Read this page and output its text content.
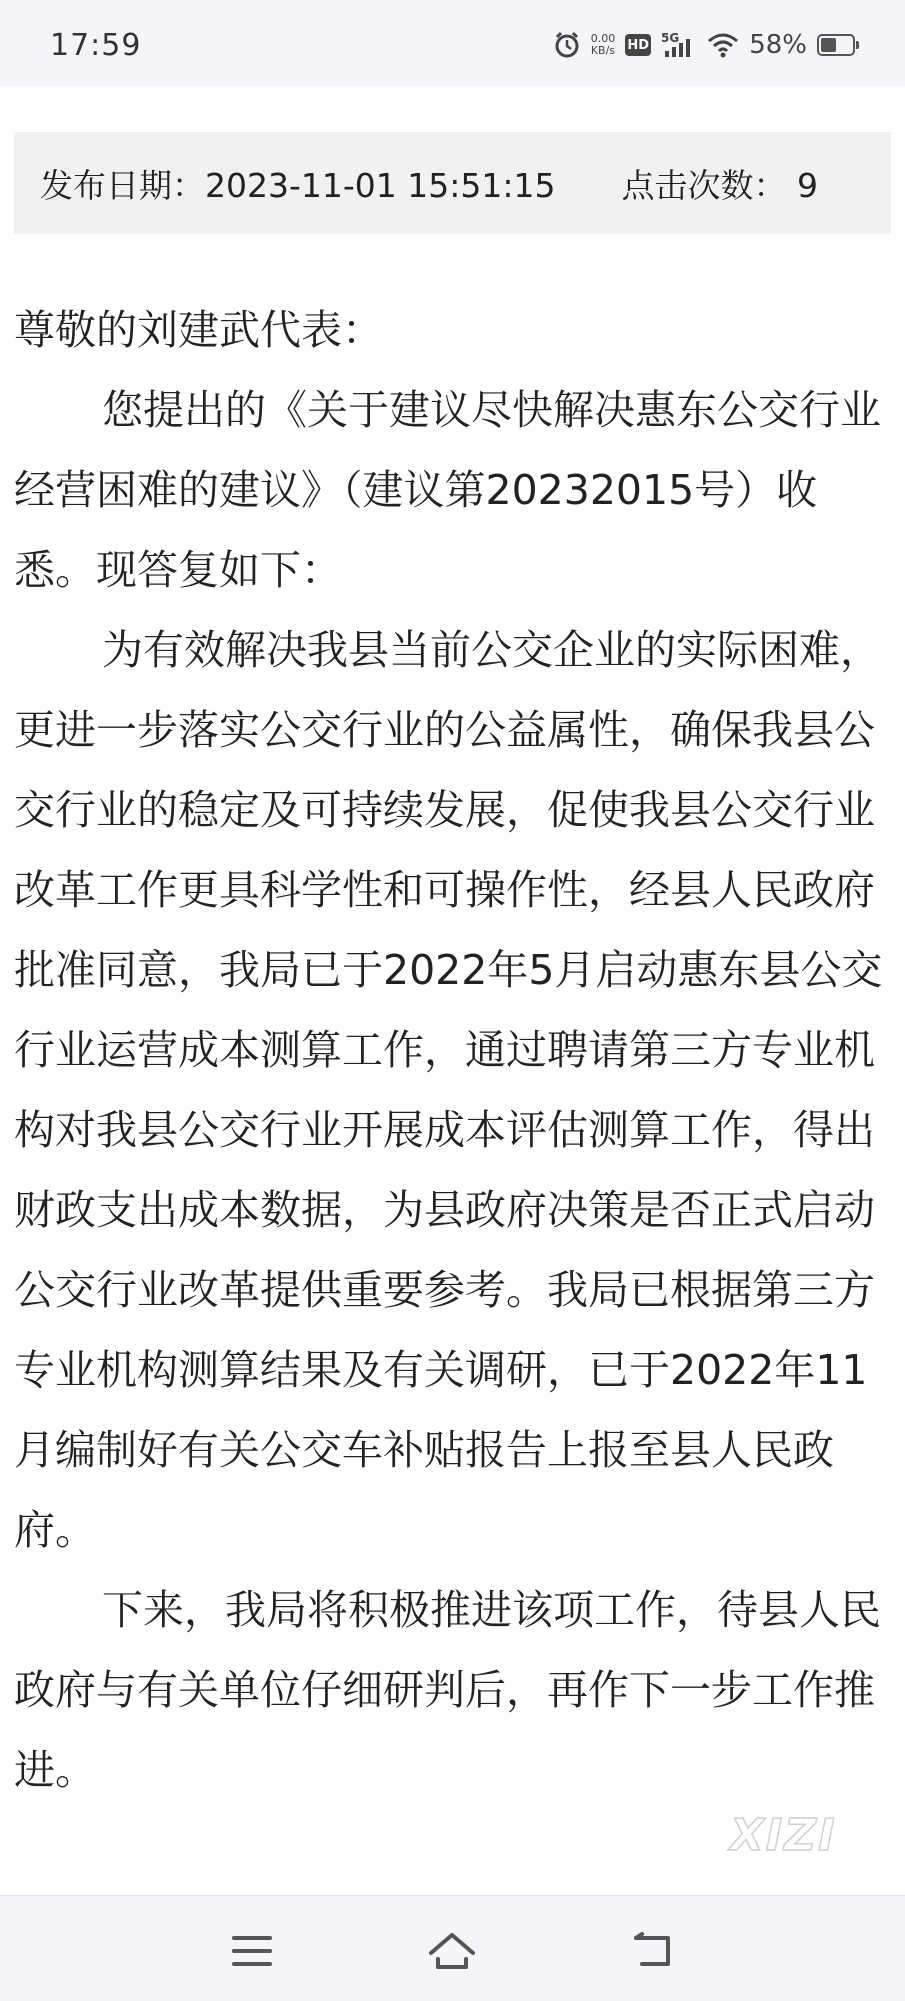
17:59	0.00
KB/s HD 5G	58%
发布日期：2023-11-01 15:51:15 点击次数： 9

尊敬的刘建武代表：

您提出的《关于建议尽快解决惠东公交行业经营困难的建议》（建议第20232015号）收悉。现答复如下：

为有效解决我县当前公交企业的实际困难，更进一步落实公交行业的公益属性，确保我县公交行业的稳定及可持续发展，促使我县公交行业改革工作更具科学性和可操作性，经县人民政府批准同意，我局已于2022年5月启动惠东县公交行业运营成本测算工作，通过聘请第三方专业机构对我县公交行业开展成本评估测算工作，得出财政支出成本数据，为县政府决策是否正式启动公交行业改革提供重要参考。我局已根据第三方专业机构测算结果及有关调研，已于2022年11月编制好有关公交车补贴报告上报至县人民政府。

下来，我局将积极推进该项工作，待县人民政府与有关单位仔细研判后，再作下一步工作推进。

XIZI
